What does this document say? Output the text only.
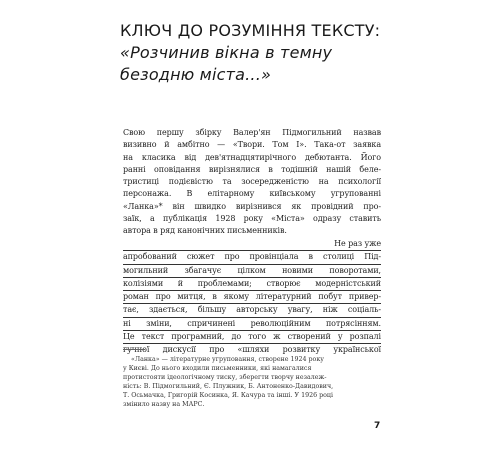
КЛЮЧ ДО РОЗУМІННЯ ТЕКСТУ:
«Розчинив вікна в темну
безодню міста...»
Свою першу збірку Валер'ян Підмогильний назвав
визивно й амбітно — «Твори. Том І». Така-от заявка
на класика від дев'ятнадцятирічного дебютанта. Його
ранні оповідання вирізнялися в тодішній нашій беле-
тристиці подієвістю та зосередженістю на психології
персонажа. В елітарному київському угрупованні
«Ланка»* він швидко вирізнився як провідний про-
заїк, а публікація 1928 року «Міста» одразу ставить
автора в ряд канонічних письменників.
Не раз уже
апробований сюжет про провінціала в столиці Під-
могильний збагачує цілком новими поворотами,
колізіями й проблемами; створює модерністський
роман про митця, в якому літературний побут привер-
тає, здається, більшу авторську увагу, ніж соціаль-
ні зміни, спричинені революційним потрясінням.
Це текст програмний, до того ж створений у розпалі
гучної дискусії про «шляхи розвитку української
«Ланка» — літературне угруповання, створене 1924 року
у Києві. До нього входили письменники, які намагалися
протистояти ідеологічному тиску, зберегти творчу незалеж-
ність: В. Підмогильний, Є. Плужник, Б. Антоненко-Давидович,
Т. Осьмачка, Григорій Косинка, Я. Качура та інші. У 1926 році
змінило назву на МАРС.
7
